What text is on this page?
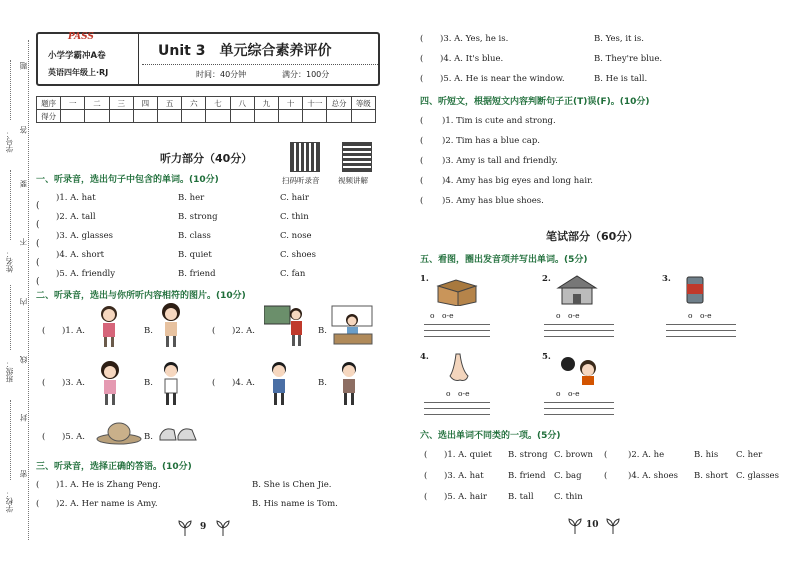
题
答
要
不
内
线
封
密
学号：
姓名：
班级：
学校：
PASS
小学学霸冲A卷
英语四年级上·RJ
Unit 3　单元综合素养评价
时间：40分钟	满分：100分
题序	一	二	三	四	五	六	七	八	九	十	十一	总分	等级
得分													
听力部分（40分）
扫码听录音 视频讲解
一、听录音，选出句子中包含的单词。(10分)
(
)1. A. hat	B. her	C. hair
(
)2. A. tall	B. strong	C. thin
(
)3. A. glasses	B. class	C. nose
(
)4. A. short	B. quiet	C. shoes
(
)5. A. friendly	B. friend	C. fan
二、听录音，选出与你所听内容相符的图片。(10分)
( )1. A.	B.	( )2. A.	B.
( )3. A.	B.	( )4. A.	B.
( )5. A.	B.
三、听录音，选择正确的答语。(10分)
( )1. A. He is Zhang Peng.	B. She is Chen Jie.
( )2. A. Her name is Amy.	B. His name is Tom.
9
( )3. A. Yes, he is.	B. Yes, it is.
( )4. A. It's blue.	B. They're blue.
( )5. A. He is near the window.	B. He is tall.
四、听短文，根据短文内容判断句子正(T)误(F)。(10分)
( )1. Tim is cute and strong.
( )2. Tim has a blue cap.
( )3. Amy is tall and friendly.
( )4. Amy has big eyes and long hair.
( )5. Amy has blue shoes.
笔试部分（60分）
五、看图，圈出发音项并写出单词。(5分)
1.
o　o-e
2.
o　o-e
3.
o　o-e
4.
o　o-e
5.
o　o-e
六、选出单词不同类的一项。(5分)
( )1. A. quiet B. strong C. brown ( )2. A. he	B. his C. her
( )3. A. hat	B. friend C. bag	( )4. A. shoes B. short C. glasses
( )5. A. hair B. tall C. thin
10
